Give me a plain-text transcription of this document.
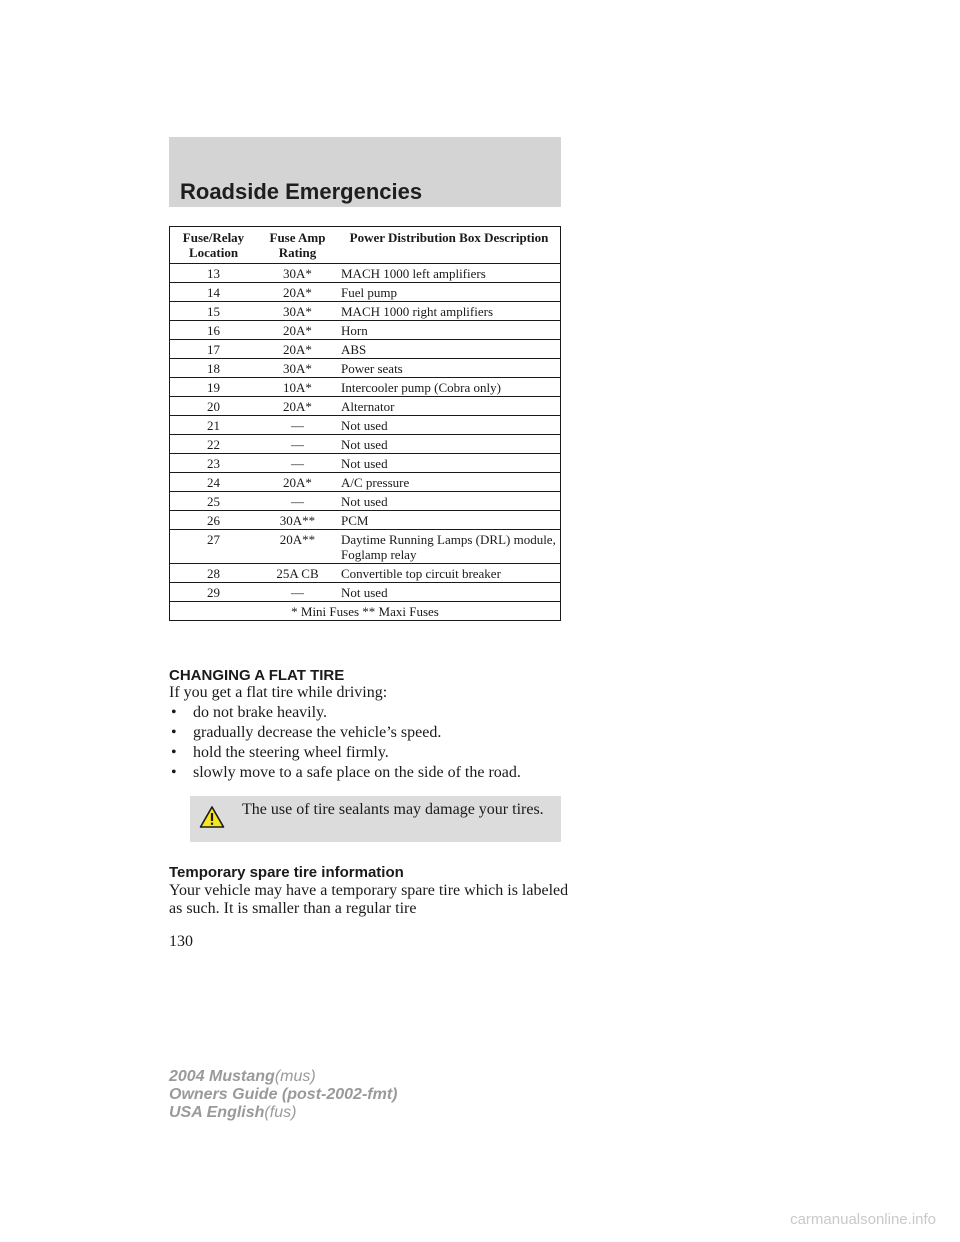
Roadside Emergencies
Fuse/Relay Location	Fuse Amp Rating	Power Distribution Box Description
13	30A*	MACH 1000 left amplifiers
14	20A*	Fuel pump
15	30A*	MACH 1000 right amplifiers
16	20A*	Horn
17	20A*	ABS
18	30A*	Power seats
19	10A*	Intercooler pump (Cobra only)
20	20A*	Alternator
21	—	Not used
22	—	Not used
23	—	Not used
24	20A*	A/C pressure
25	—	Not used
26	30A**	PCM
27	20A**	Daytime Running Lamps (DRL) module, Foglamp relay
28	25A CB	Convertible top circuit breaker
29	—	Not used
* Mini Fuses ** Maxi Fuses		
CHANGING A FLAT TIRE
If you get a flat tire while driving:
• do not brake heavily.
• gradually decrease the vehicle’s speed.
• hold the steering wheel firmly.
• slowly move to a safe place on the side of the road.
The use of tire sealants may damage your tires.
Temporary spare tire information
Your vehicle may have a temporary spare tire which is labeled as such. It is smaller than a regular tire
130
2004 Mustang(mus)
Owners Guide (post-2002-fmt)
USA English(fus)
carmanualsonline.info
